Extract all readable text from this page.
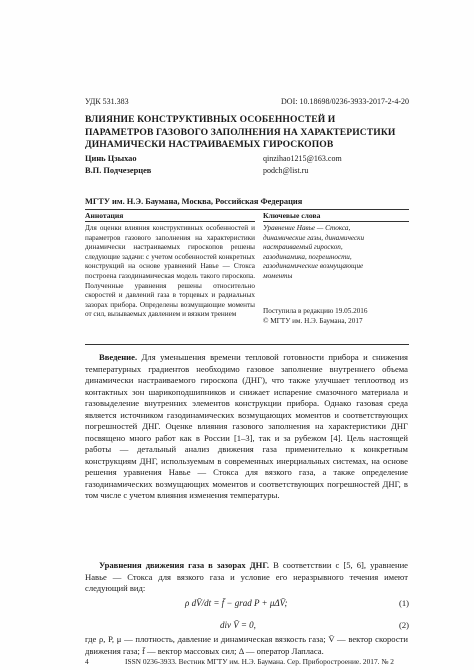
УДК 531.383	DOI: 10.18698/0236-3933-2017-2-4-20
ВЛИЯНИЕ КОНСТРУКТИВНЫХ ОСОБЕННОСТЕЙ И ПАРАМЕТРОВ ГАЗОВОГО ЗАПОЛНЕНИЯ НА ХАРАКТЕРИСТИКИ ДИНАМИЧЕСКИ НАСТРАИВАЕМЫХ ГИРОСКОПОВ
Цинь Цзыхао	qinzihao1215@163.com
В.П. Подчезерцев	podch@list.ru
МГТУ им. Н.Э. Баумана, Москва, Российская Федерация
Аннотация	Ключевые слова
Для оценки влияния конструктивных особенностей и параметров газового заполнения на характеристики динамически настраиваемых гироскопов решены следующие задачи: с учетом особенностей конкретных конструкций на основе уравнений Навье — Стокса построена газодинамическая модель такого гироскопа. Полученные уравнения решены относительно скоростей и давлений газа в торцевых и радиальных зазорах прибора. Определены возмущающие моменты от сил, вызываемых давлением и вязким трением
Уравнение Навье — Стокса, динамические газы, динамически настраиваемый гироскоп, газодинамика, погрешности, газодинамические возмущающие моменты
Поступила в редакцию 19.05.2016
© МГТУ им. Н.Э. Баумана, 2017

Введение. Для уменьшения времени тепловой готовности прибора и снижения температурных градиентов необходимо газовое заполнение внутреннего объема динамически настраиваемого гироскопа (ДНГ), что также улучшает теплоотвод из контактных зон шарикоподшипников и снижает испарение смазочного материала и газовыделение внутренних элементов конструкции прибора. Однако газовая среда является источником газодинамических возмущающих моментов и соответствующих погрешностей ДНГ. Оценке влияния газового заполнения на характеристики ДНГ посвящено много работ как в России [1–3], так и за рубежом [4]. Цель настоящей работы — детальный анализ движения газа применительно к конкретным конструкциям ДНГ, используемым в современных инерциальных системах, на основе решения уравнения Навье — Стокса для вязкого газа, а также определение газодинамических возмущающих моментов и соответствующих погрешностей ДНГ, в том числе с учетом влияния изменения температуры.

Уравнения движения газа в зазорах ДНГ. В соответствии с [5, 6], уравнение Навье — Стокса для вязкого газа и условие его неразрывного течения имеют следующий вид:

ρ dV̄/dt = f̄ − grad P + μΔV̄;	(1)
div V̄ = 0,	(2)
где ρ, P, μ — плотность, давление и динамическая вязкость газа; V̄ — вектор скорости движения газа; f̄ — вектор массовых сил; Δ — оператор Лапласа.
4	ISSN 0236-3933. Вестник МГТУ им. Н.Э. Баумана. Сер. Приборостроение. 2017. № 2
